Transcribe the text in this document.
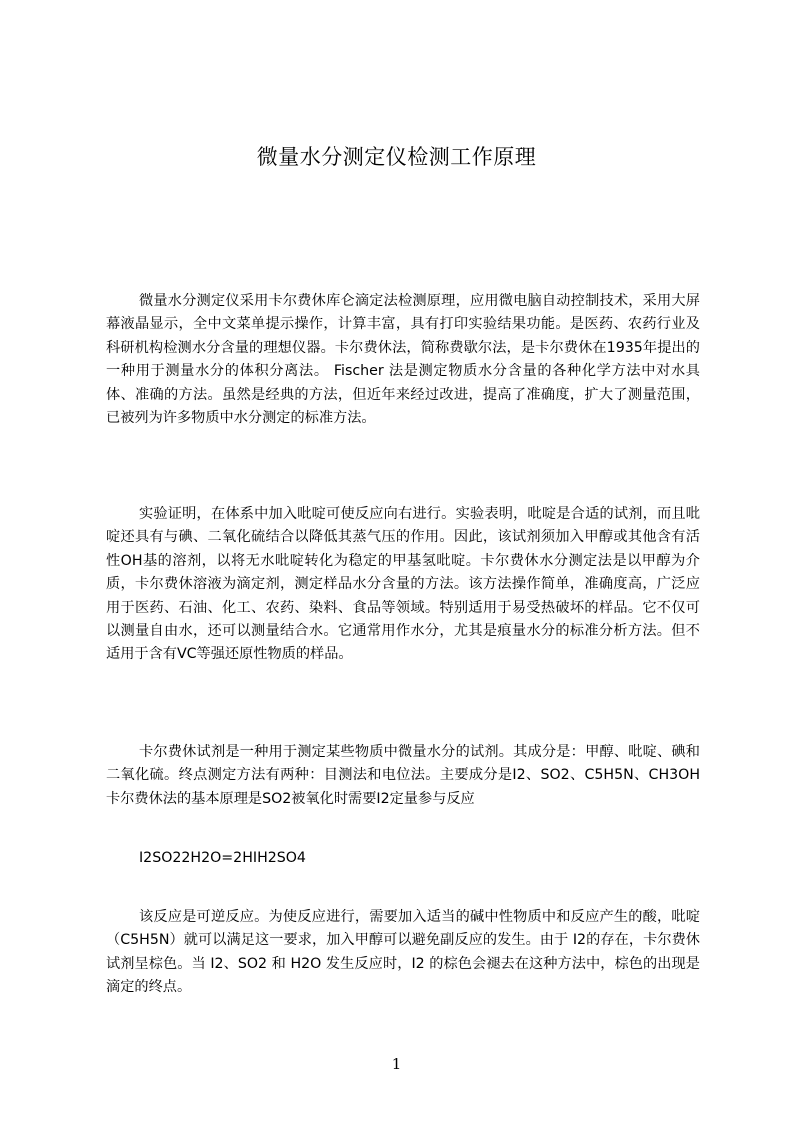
微量水分测定仪检测工作原理

微量水分测定仪采用卡尔费休库仑滴定法检测原理，应用微电脑自动控制技术，采用大屏幕液晶显示，全中文菜单提示操作，计算丰富，具有打印实验结果功能。是医药、农药行业及科研机构检测水分含量的理想仪器。卡尔费休法，简称费歇尔法，是卡尔费休在1935年提出的一种用于测量水分的体积分离法。 Fischer 法是测定物质水分含量的各种化学方法中对水具体、准确的方法。虽然是经典的方法，但近年来经过改进，提高了准确度，扩大了测量范围，已被列为许多物质中水分测定的标准方法。

实验证明，在体系中加入吡啶可使反应向右进行。实验表明，吡啶是合适的试剂，而且吡啶还具有与碘、二氧化硫结合以降低其蒸气压的作用。因此，该试剂须加入甲醇或其他含有活性OH基的溶剂，以将无水吡啶转化为稳定的甲基氢吡啶。卡尔费休水分测定法是以甲醇为介质，卡尔费休溶液为滴定剂，测定样品水分含量的方法。该方法操作简单，准确度高，广泛应用于医药、石油、化工、农药、染料、食品等领域。特别适用于易受热破坏的样品。它不仅可以测量自由水，还可以测量结合水。它通常用作水分，尤其是痕量水分的标准分析方法。但不适用于含有VC等强还原性物质的样品。

卡尔费休试剂是一种用于测定某些物质中微量水分的试剂。其成分是：甲醇、吡啶、碘和二氧化硫。终点测定方法有两种：目测法和电位法。主要成分是I2、SO2、C5H5N、CH3OH卡尔费休法的基本原理是SO2被氧化时需要I2定量参与反应

I2SO22H2O=2HIH2SO4

该反应是可逆反应。为使反应进行，需要加入适当的碱中性物质中和反应产生的酸，吡啶（C5H5N）就可以满足这一要求，加入甲醇可以避免副反应的发生。由于 I2的存在，卡尔费休试剂呈棕色。当 I2、SO2 和 H2O 发生反应时，I2 的棕色会褪去在这种方法中，棕色的出现是滴定的终点。

1
